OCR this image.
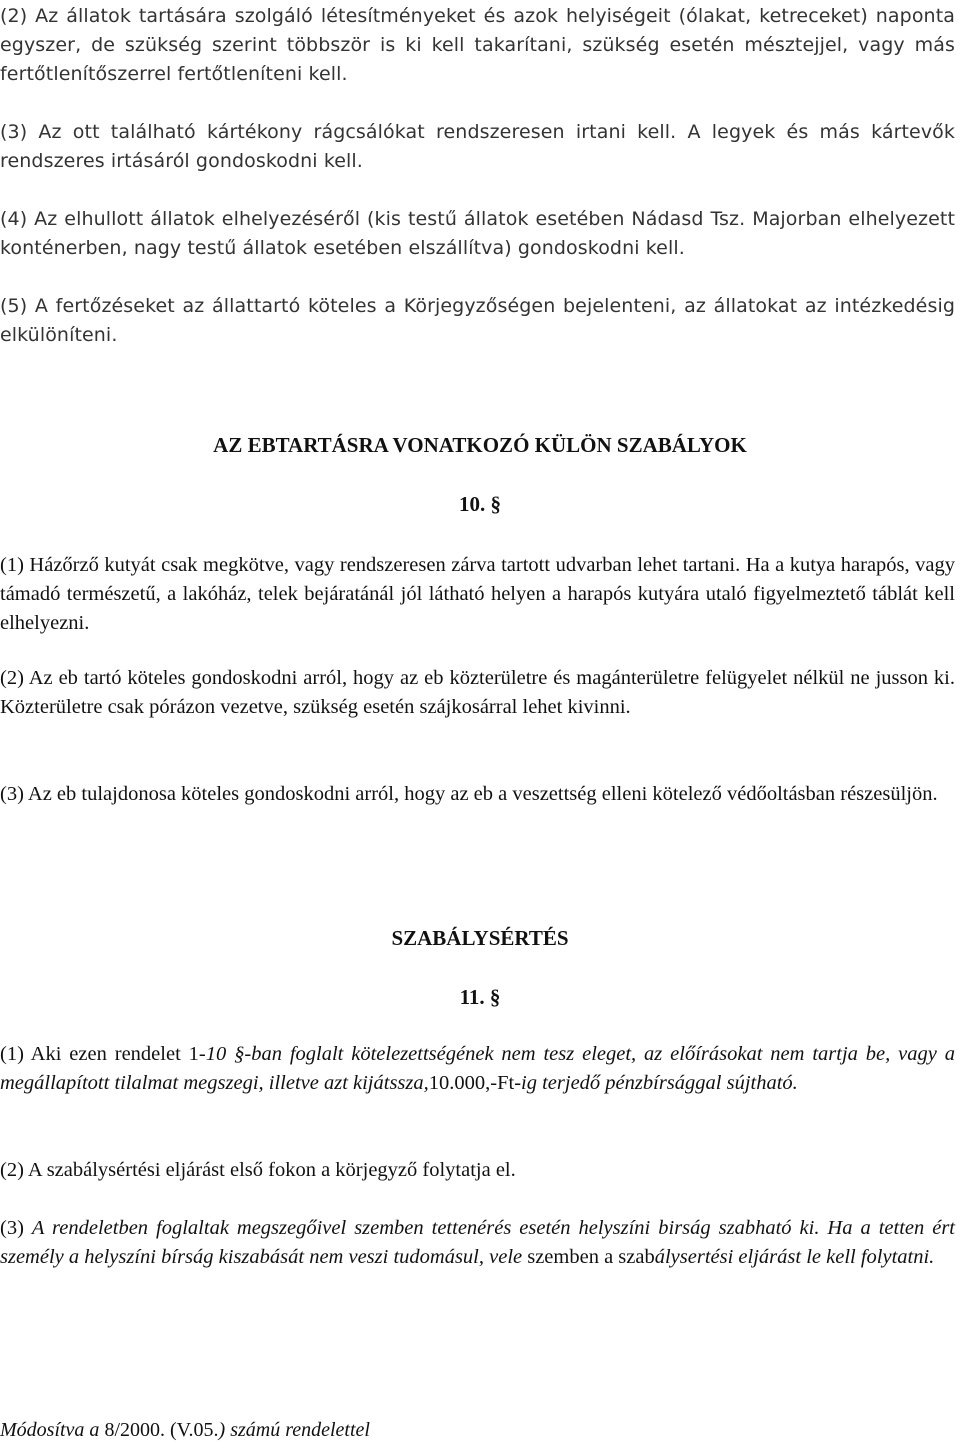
(2) Az állatok tartására szolgáló létesítményeket és azok helyiségeit (ólakat, ketreceket) naponta egyszer, de szükség szerint többször is ki kell takarítani, szükség esetén mésztejjel, vagy más fertőtlenítőszerrel fertőtleníteni kell.

(3) Az ott található kártékony rágcsálókat rendszeresen irtani kell. A legyek és más kártevők rendszeres irtásáról gondoskodni kell.

(4) Az elhullott állatok elhelyezéséről (kis testű állatok esetében Nádasd Tsz. Majorban elhelyezett konténerben, nagy testű állatok esetében elszállítva) gondoskodni kell.

(5) A fertőzéseket az állattartó köteles a Körjegyzőségen bejelenteni, az állatokat az intézkedésig elkülöníteni.

AZ EBTARTÁSRA VONATKOZÓ KÜLÖN SZABÁLYOK

10. §

(1) Házőrző kutyát csak megkötve, vagy rendszeresen zárva tartott udvarban lehet tartani. Ha a kutya harapós, vagy támadó természetű, a lakóház, telek bejáratánál jól látható helyen a harapós kutyára utaló figyelmeztető táblát kell elhelyezni.

(2) Az eb tartó köteles gondoskodni arról, hogy az eb közterületre és magánterületre felügyelet nélkül ne jusson ki. Közterületre csak pórázon vezetve, szükség esetén szájkosárral lehet kivinni.

(3) Az eb tulajdonosa köteles gondoskodni arról, hogy az eb a veszettség elleni kötelező védőoltásban részesüljön.

SZABÁLYSÉRTÉS

11. §

(1) Aki ezen rendelet 1-10 §-ban foglalt kötelezettségének nem tesz eleget, az előírásokat nem tartja be, vagy a megállapított tilalmat megszegi, illetve azt kijátssza,10.000,-Ft-ig terjedő pénzbírsággal sújtható.

(2) A szabálysértési eljárást első fokon a körjegyző folytatja el.

(3) A rendeletben foglaltak megszegőivel szemben tettenérés esetén helyszíni birság szabható ki. Ha a tetten ért személy a helyszíni bírság kiszabását nem veszi tudomásul, vele szemben a szabálysertési eljárást le kell folytatni.

Módosítva a 8/2000. (V.05.) számú rendelettel
